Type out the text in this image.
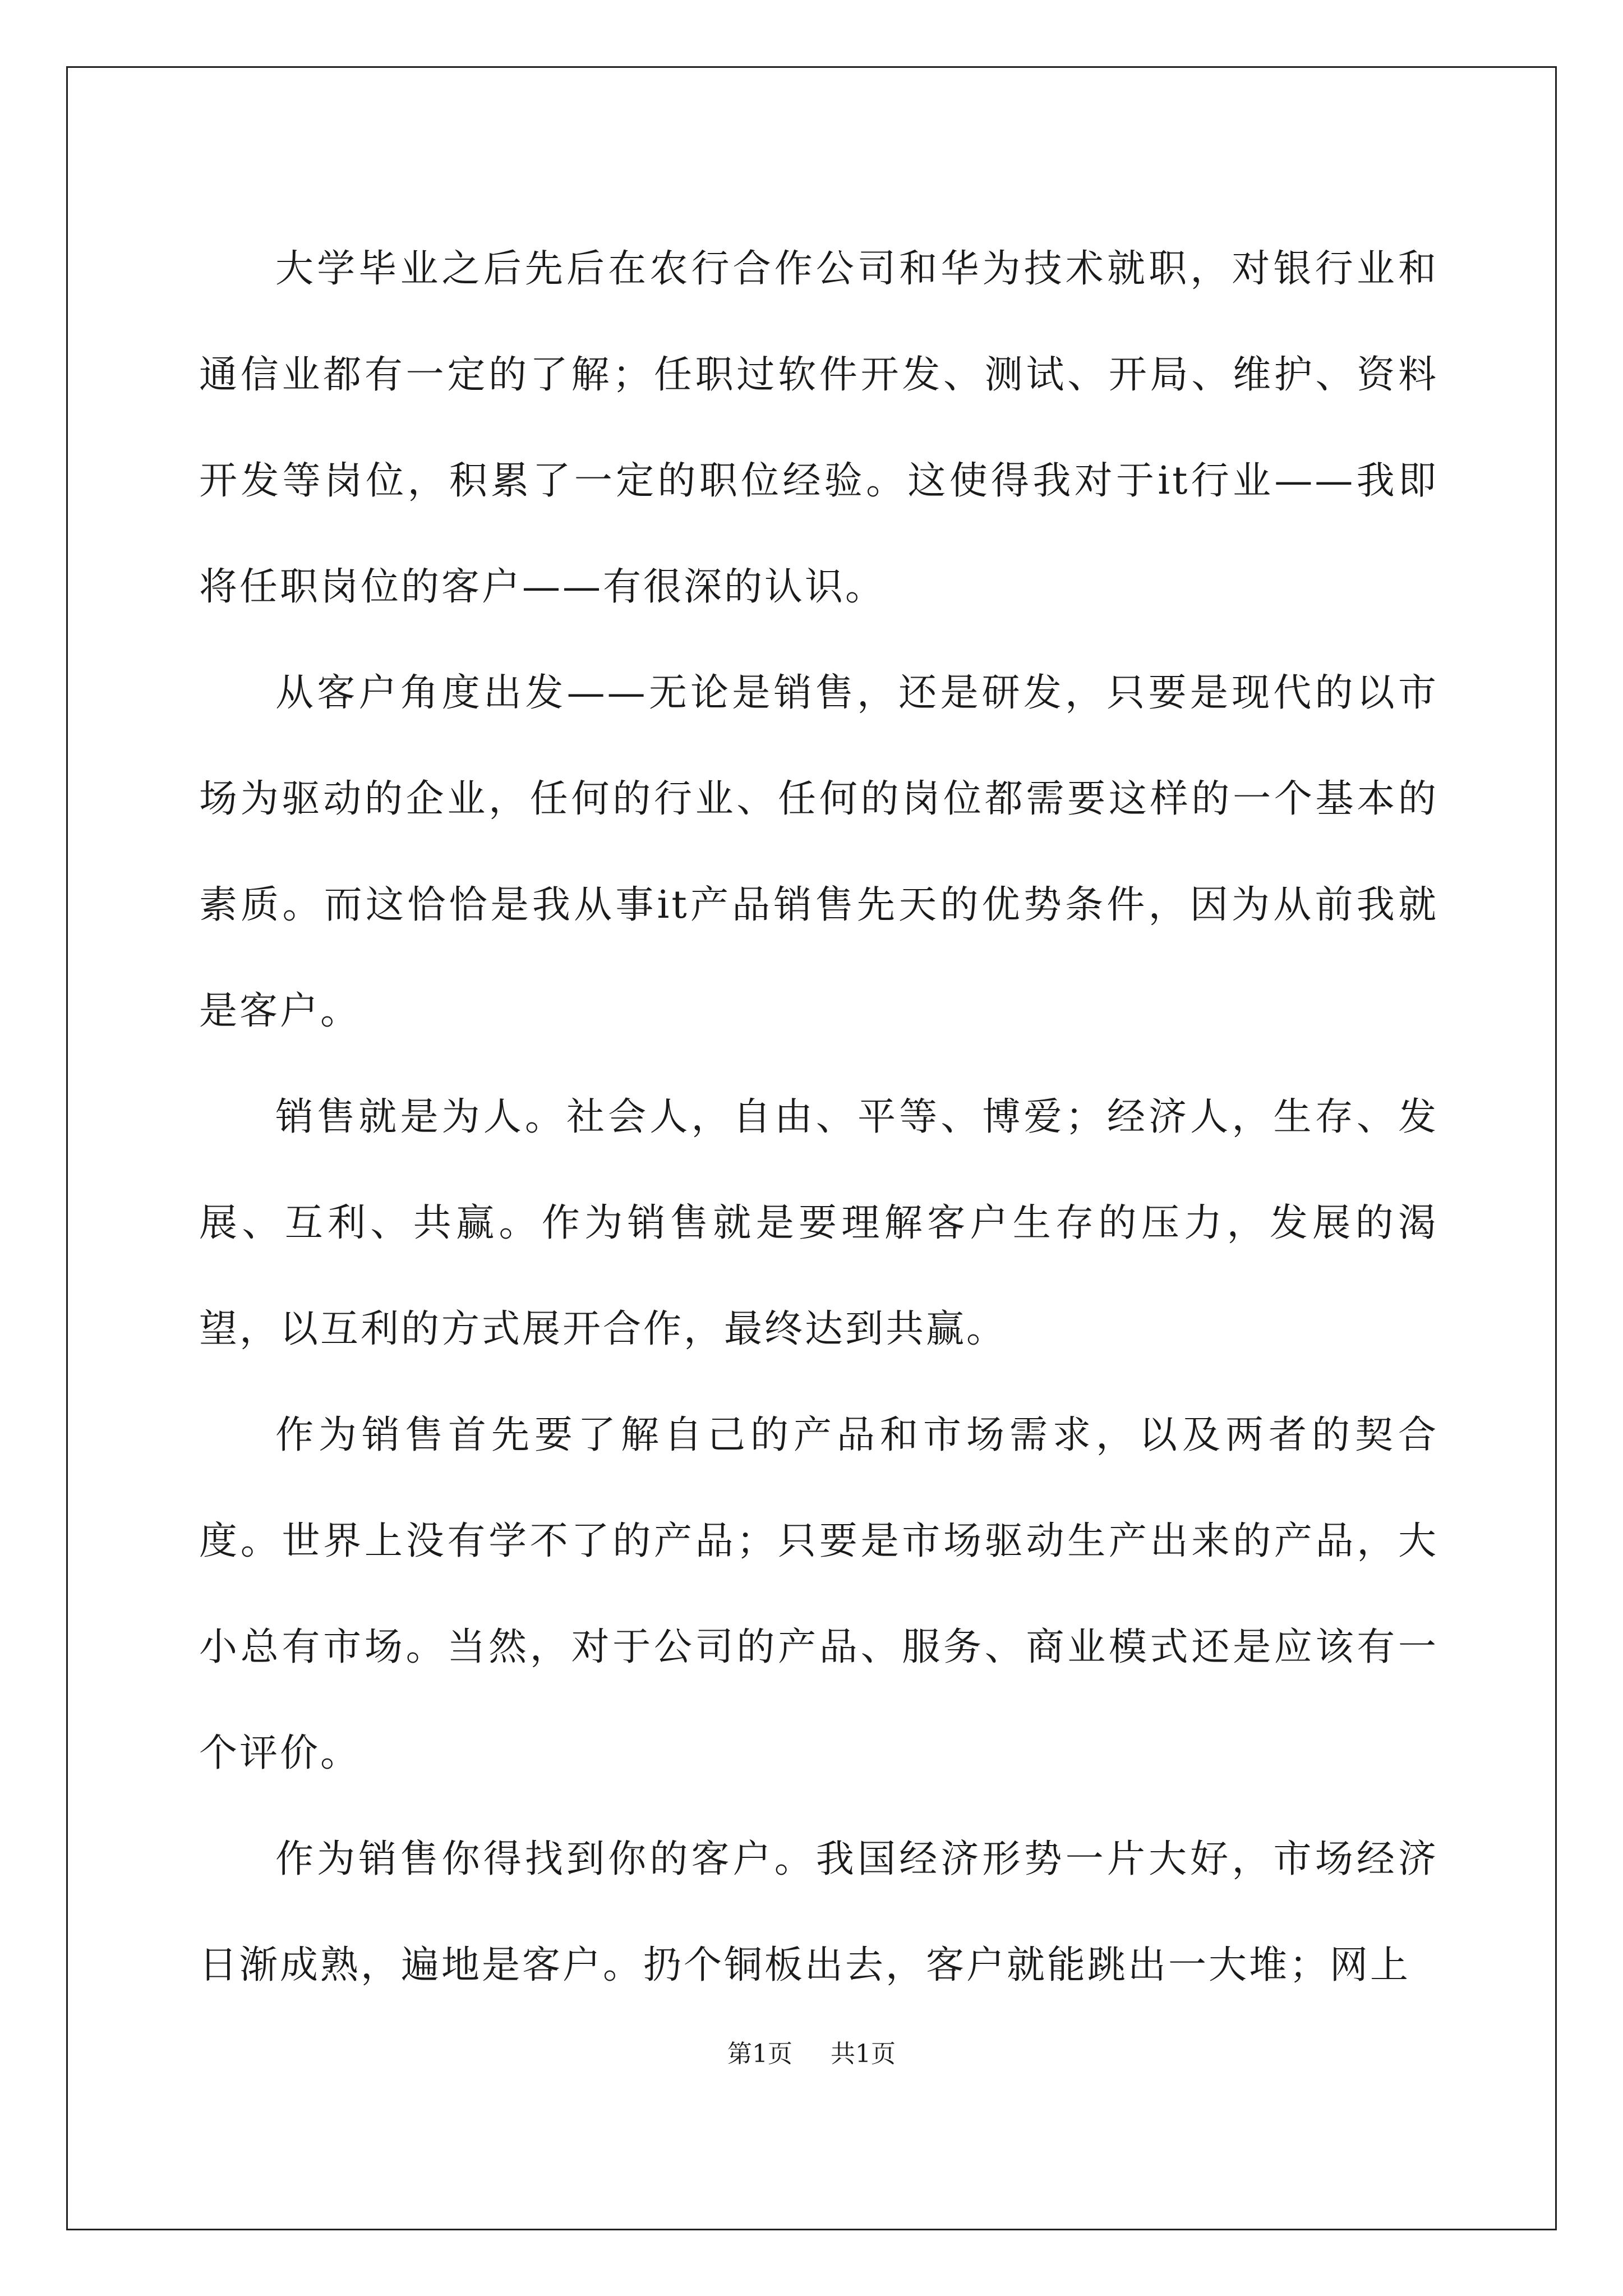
大学毕业之后先后在农行合作公司和华为技术就职，对银行业和通信业都有一定的了解；任职过软件开发、测试、开局、维护、资料开发等岗位，积累了一定的职位经验。这使得我对于it行业——我即将任职岗位的客户——有很深的认识。

从客户角度出发——无论是销售，还是研发，只要是现代的以市场为驱动的企业，任何的行业、任何的岗位都需要这样的一个基本的素质。而这恰恰是我从事it产品销售先天的优势条件，因为从前我就是客户。

销售就是为人。社会人，自由、平等、博爱；经济人，生存、发展、互利、共赢。作为销售就是要理解客户生存的压力，发展的渴望，以互利的方式展开合作，最终达到共赢。

作为销售首先要了解自己的产品和市场需求，以及两者的契合度。世界上没有学不了的产品；只要是市场驱动生产出来的产品，大小总有市场。当然，对于公司的产品、服务、商业模式还是应该有一个评价。

作为销售你得找到你的客户。我国经济形势一片大好，市场经济日渐成熟，遍地是客户。扔个铜板出去，客户就能跳出一大堆；网上

第1页 共1页
